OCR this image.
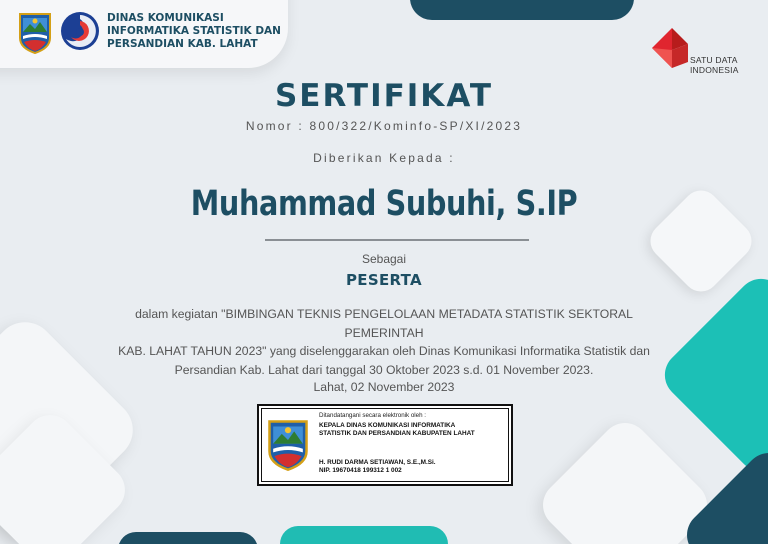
DINAS KOMUNIKASI
INFORMATIKA STATISTIK DAN
PERSANDIAN KAB. LAHAT
SATU DATA
INDONESIA
SERTIFIKAT
Nomor : 800/322/Kominfo-SP/XI/2023
Diberikan Kepada :
Muhammad Subuhi, S.IP
Sebagai
PESERTA
dalam kegiatan "BIMBINGAN TEKNIS PENGELOLAAN METADATA STATISTIK SEKTORAL PEMERINTAH
KAB. LAHAT TAHUN 2023" yang diselenggarakan oleh Dinas Komunikasi Informatika Statistik dan
Persandian Kab. Lahat dari tanggal 30 Oktober 2023 s.d. 01 November 2023.
Lahat, 02 November 2023
Ditandatangani secara elektronik oleh :
KEPALA DINAS KOMUNIKASI INFORMATIKA
STATISTIK DAN PERSANDIAN KABUPATEN LAHAT
H. RUDI DARMA SETIAWAN, S.E.,M.Si.
NIP. 19670418 199312 1 002
